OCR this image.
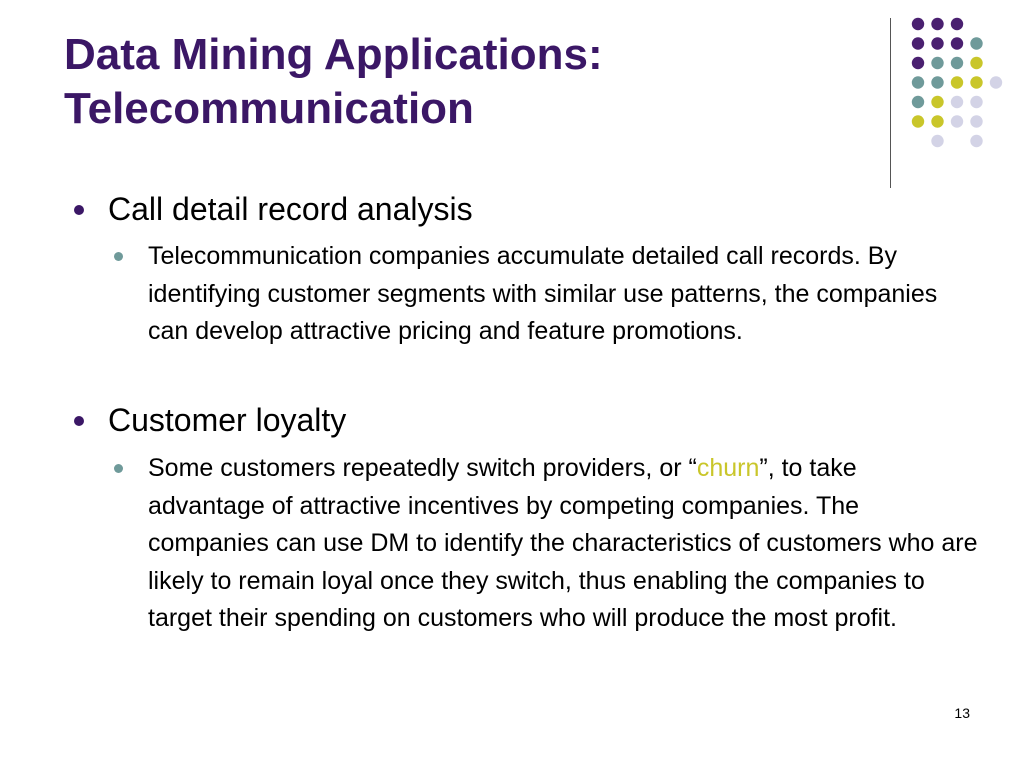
Data Mining Applications:
Telecommunication
Call detail record analysis
Telecommunication companies accumulate detailed call records. By identifying customer segments with similar use patterns, the companies can develop attractive pricing and feature promotions.
Customer loyalty
Some customers repeatedly switch providers, or “churn”, to take advantage of attractive incentives by competing companies. The companies can use DM to identify the characteristics of customers who are likely to remain loyal once they switch, thus enabling the companies to target their spending on customers who will produce the most profit.
13
